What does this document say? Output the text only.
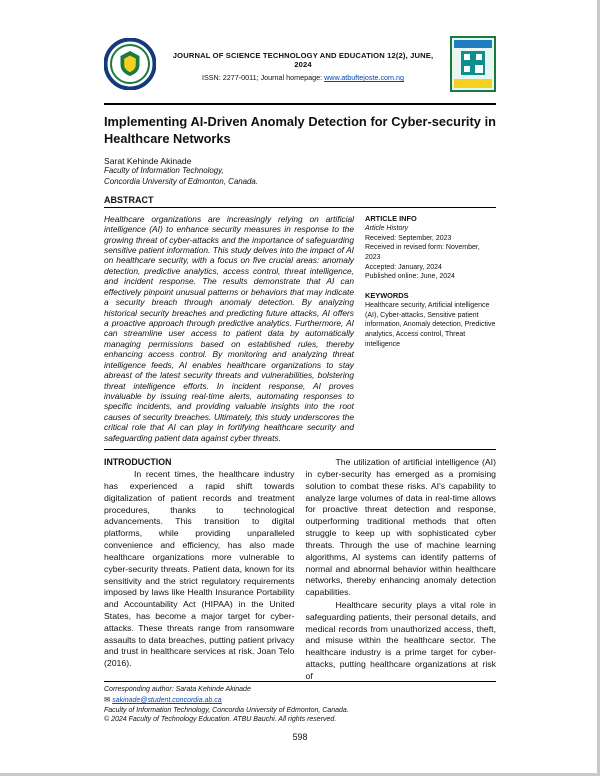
JOURNAL OF SCIENCE TECHNOLOGY AND EDUCATION 12(2), JUNE, 2024
ISSN: 2277-0011; Journal homepage: www.atbuftejoste.com.ng
Implementing AI-Driven Anomaly Detection for Cyber-security in Healthcare Networks
Sarat Kehinde Akinade
Faculty of Information Technology,
Concordia University of Edmonton, Canada.
ABSTRACT

Healthcare organizations are increasingly relying on artificial intelligence (AI) to enhance security measures in response to the growing threat of cyber-attacks and the importance of safeguarding sensitive patient information. This study delves into the impact of AI on healthcare security, with a focus on five crucial areas: anomaly detection, predictive analytics, access control, threat intelligence, and incident response. The results demonstrate that AI can effectively pinpoint unusual patterns or behaviors that may indicate a security breach through anomaly detection. By analyzing historical security breaches and predicting future attacks, AI offers a proactive approach through predictive analytics. Furthermore, AI can streamline user access to patient data by automatically managing permissions based on established rules, thereby enhancing access control. By monitoring and analyzing threat intelligence feeds, AI enables healthcare organizations to stay abreast of the latest security threats and vulnerabilities, bolstering threat intelligence efforts. In incident response, AI proves invaluable by issuing real-time alerts, automating responses to specific incidents, and providing valuable insights into the root causes of security breaches. Ultimately, this study underscores the critical role that AI can play in fortifying healthcare security and safeguarding patient data against cyber threats.

ARTICLE INFO
Article History
Received: September, 2023
Received in revised form: November, 2023
Accepted: January, 2024
Published online: June, 2024
KEYWORDS
Healthcare security, Artificial intelligence (AI), Cyber-attacks, Sensitive patient information, Anomaly detection, Predictive analytics, Access control, Threat intelligence
INTRODUCTION

In recent times, the healthcare industry has experienced a rapid shift towards digitalization of patient records and treatment procedures, thanks to technological advancements. This transition to digital platforms, while providing unparalleled convenience and efficiency, has also made healthcare organizations more vulnerable to cyber-security threats. Patient data, known for its sensitivity and the strict regulatory requirements imposed by laws like Health Insurance Portability and Accountability Act (HIPAA) in the United States, has become a major target for cyber-attacks. These threats range from ransomware assaults to data breaches, putting patient privacy and trust in healthcare services at risk. Joan Telo (2016).

The utilization of artificial intelligence (AI) in cyber-security has emerged as a promising solution to combat these risks. AI's capability to analyze large volumes of data in real-time allows for proactive threat detection and response, outperforming traditional methods that often struggle to keep up with sophisticated cyber threats. Through the use of machine learning algorithms, AI systems can identify patterns of normal and abnormal behavior within healthcare networks, thereby enhancing anomaly detection capabilities.

Healthcare security plays a vital role in safeguarding patients, their personal details, and medical records from unauthorized access, theft, and misuse within the healthcare sector. The healthcare industry is a prime target for cyber-attacks, putting healthcare organizations at risk of

Corresponding author: Sarata Kehinde Akinade
✉ sakinade@student.concordia.ab.ca
Faculty of Information Technology, Concordia University of Edmonton, Canada.
© 2024 Faculty of Technology Education. ATBU Bauchi. All rights reserved.
598
